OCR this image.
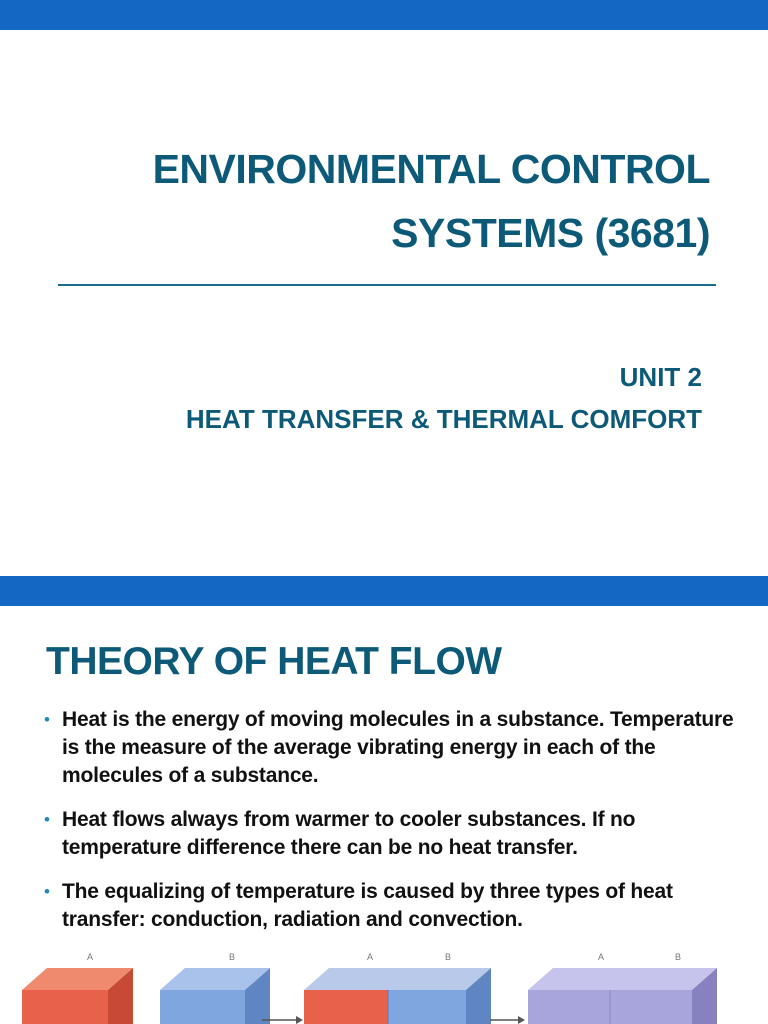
ENVIRONMENTAL CONTROL
SYSTEMS (3681)
UNIT 2
HEAT TRANSFER & THERMAL COMFORT
THEORY OF HEAT FLOW
• Heat is the energy of moving molecules in a substance. Temperature is the measure of the average vibrating energy in each of the molecules of a substance.
• Heat flows always from warmer to cooler substances. If no temperature difference there can be no heat transfer.
• The equalizing of temperature is caused by three types of heat transfer: conduction, radiation and convection.
A	B	A	B	A	B
